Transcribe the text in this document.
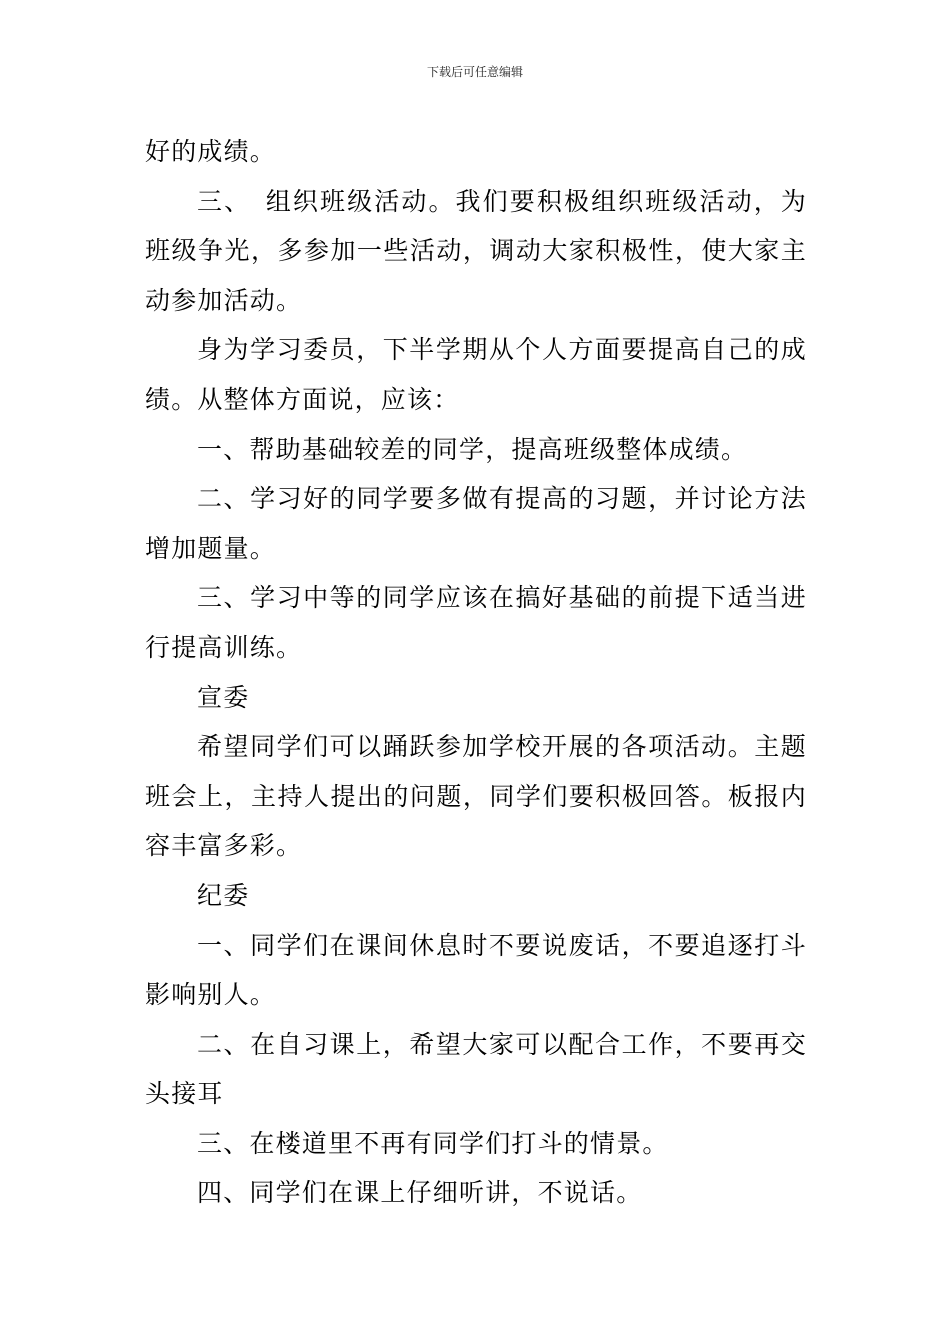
下载后可任意编辑

好的成绩。

三、　组织班级活动。我们要积极组织班级活动，为班级争光，多参加一些活动，调动大家积极性，使大家主动参加活动。

身为学习委员，下半学期从个人方面要提高自己的成绩。从整体方面说，应该：

一、帮助基础较差的同学，提高班级整体成绩。

二、学习好的同学要多做有提高的习题，并讨论方法增加题量。

三、学习中等的同学应该在搞好基础的前提下适当进行提高训练。

宣委

希望同学们可以踊跃参加学校开展的各项活动。主题班会上，主持人提出的问题，同学们要积极回答。板报内容丰富多彩。

纪委

一、同学们在课间休息时不要说废话，不要追逐打斗影响别人。

二、在自习课上，希望大家可以配合工作，不要再交头接耳

三、在楼道里不再有同学们打斗的情景。

四、同学们在课上仔细听讲，不说话。
